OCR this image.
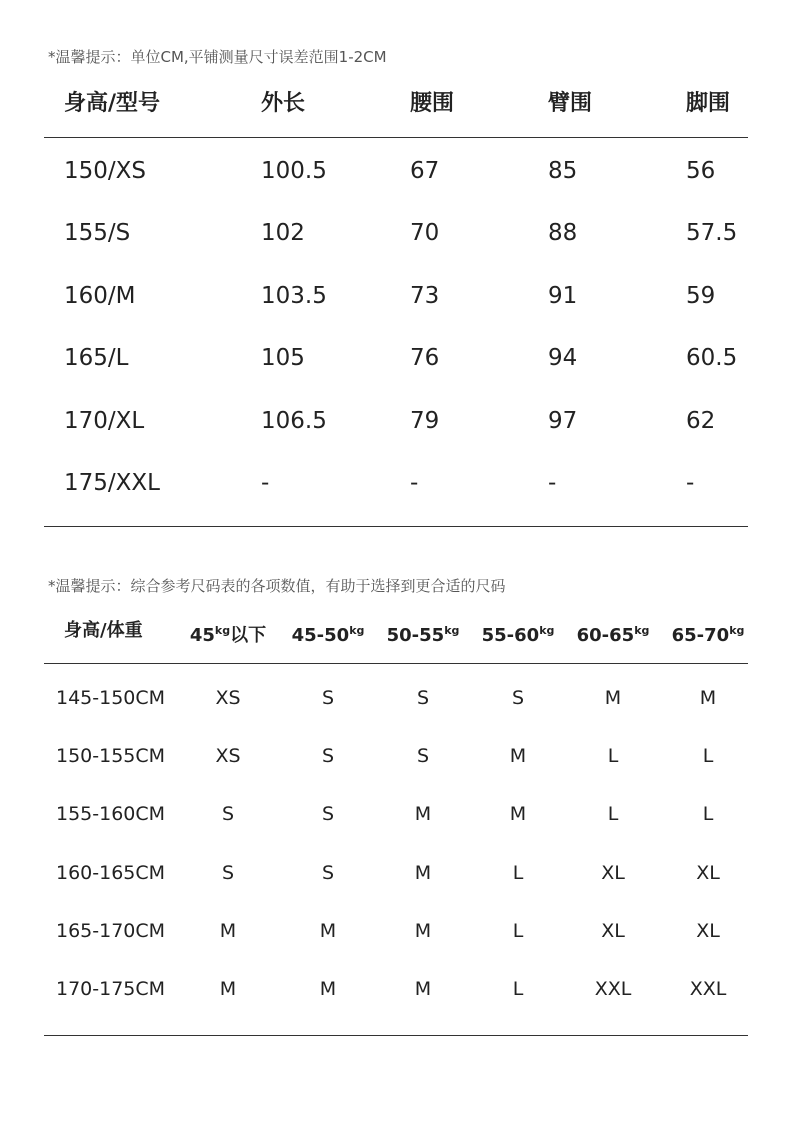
*温馨提示：单位CM,平铺测量尺寸误差范围1-2CM
身高/型号	外长	腰围	臂围	脚围
150/XS	100.5	67	85	56
155/S	102	70	88	57.5
160/M	103.5	73	91	59
165/L	105	76	94	60.5
170/XL	106.5	79	97	62
175/XXL	-	-	-	-
*温馨提示：综合参考尺码表的各项数值，有助于选择到更合适的尺码
身高/体重	$45^{kg}$以下	$45-50^{kg}$	$50-55^{kg}$	$55-60^{kg}$	$60-65^{kg}$	$65-70^{kg}$
145-150CM	XS	S	S	S	M	M
150-155CM	XS	S	S	M	L	L
155-160CM	S	S	M	M	L	L
160-165CM	S	S	M	L	XL	XL
165-170CM	M	M	M	L	XL	XL
170-175CM	M	M	M	L	XXL	XXL
